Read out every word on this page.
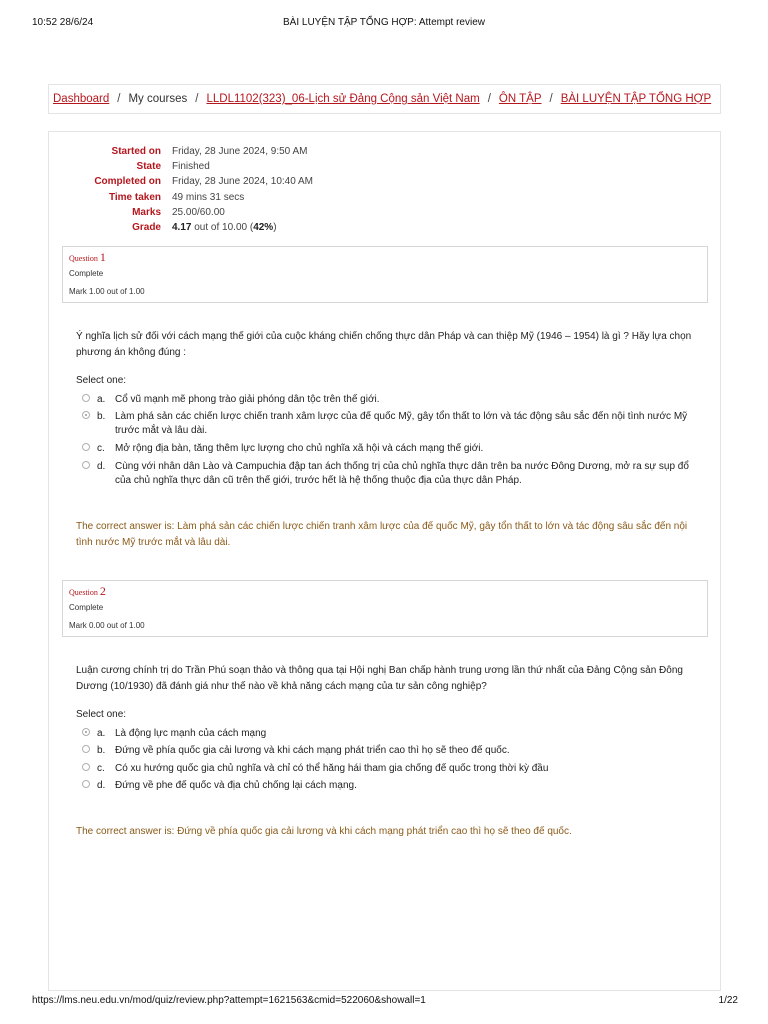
10:52 28/6/24	BÀI LUYỆN TẬP TỔNG HỢP: Attempt review
Dashboard / My courses / LLDL1102(323)_06-Lịch sử Đảng Cộng sản Việt Nam / ÔN TẬP / BÀI LUYỆN TẬP TỔNG HỢP
Started on Friday, 28 June 2024, 9:50 AM
State Finished
Completed on Friday, 28 June 2024, 10:40 AM
Time taken 49 mins 31 secs
Marks 25.00/60.00
Grade 4.17 out of 10.00 (42%)
Question 1
Complete
Mark 1.00 out of 1.00
Ý nghĩa lịch sử đối với cách mạng thế giới của cuộc kháng chiến chống thực dân Pháp và can thiệp Mỹ (1946 – 1954) là gì ? Hãy lựa chọn phương án không đúng :
Select one:
a. Cổ vũ mạnh mẽ phong trào giải phóng dân tộc trên thế giới.
b. Làm phá sản các chiến lược chiến tranh xâm lược của đế quốc Mỹ, gây tổn thất to lớn và tác động sâu sắc đến nội tình nước Mỹ trước mắt và lâu dài.
c. Mở rộng địa bàn, tăng thêm lực lượng cho chủ nghĩa xã hội và cách mạng thế giới.
d. Cùng với nhân dân Lào và Campuchia đập tan ách thống trị của chủ nghĩa thực dân trên ba nước Đông Dương, mở ra sự sụp đổ của chủ nghĩa thực dân cũ trên thế giới, trước hết là hệ thống thuộc địa của thực dân Pháp.
The correct answer is: Làm phá sản các chiến lược chiến tranh xâm lược của đế quốc Mỹ, gây tổn thất to lớn và tác động sâu sắc đến nội tình nước Mỹ trước mắt và lâu dài.
Question 2
Complete
Mark 0.00 out of 1.00
Luận cương chính trị do Trần Phú soạn thảo và thông qua tại Hội nghị Ban chấp hành trung ương lần thứ nhất của Đảng Cộng sản Đông Dương (10/1930) đã đánh giá như thế nào về khả năng cách mạng của tư sản công nghiệp?
Select one:
a. Là động lực mạnh của cách mạng
b. Đứng về phía quốc gia cải lương và khi cách mạng phát triển cao thì họ sẽ theo đế quốc.
c. Có xu hướng quốc gia chủ nghĩa và chỉ có thể hăng hái tham gia chống đế quốc trong thời kỳ đầu
d. Đứng về phe đế quốc và địa chủ chống lại cách mạng.
The correct answer is: Đứng về phía quốc gia cải lương và khi cách mạng phát triển cao thì họ sẽ theo đế quốc.
https://lms.neu.edu.vn/mod/quiz/review.php?attempt=1621563&cmid=522060&showall=1	1/22
